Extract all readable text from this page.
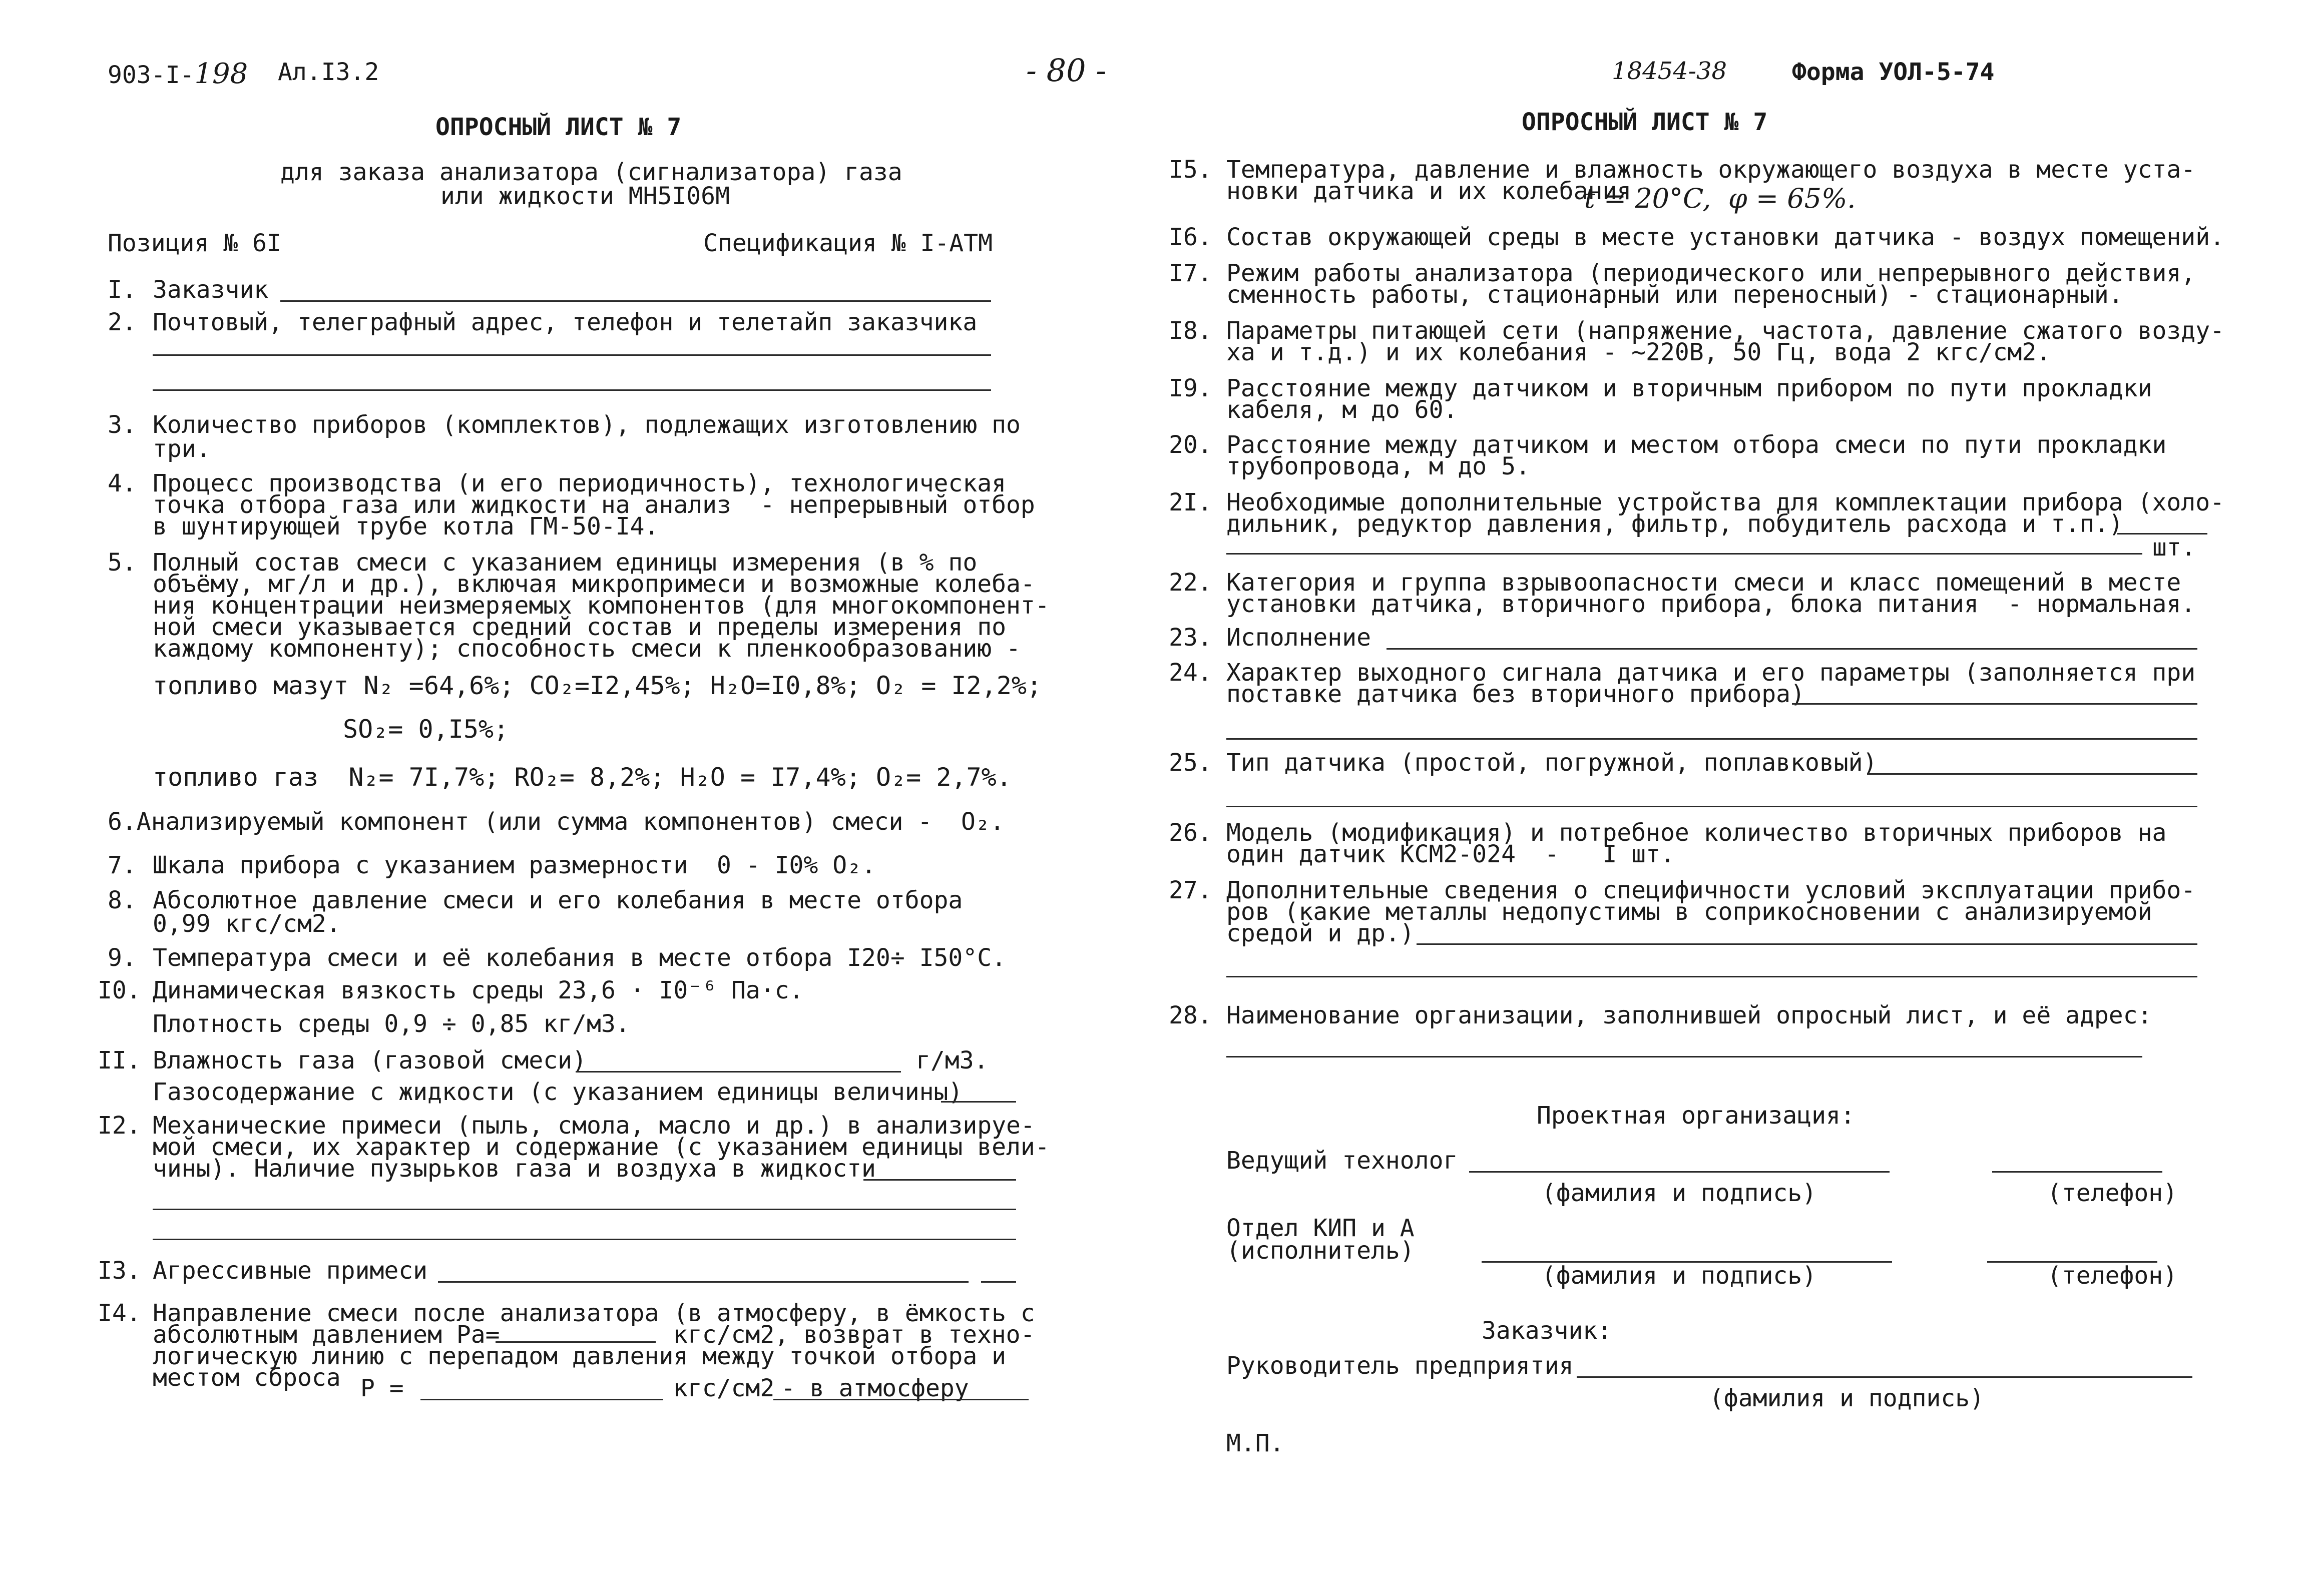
903-I-198 Ал.I3.2
ОПРОСНЫЙ ЛИСТ № 7
для заказа анализатора (сигнализатора) газа
или жидкости МН5I06М
Позиция № 6I	Спецификация № I-АТМ
I. Заказчик
2. Почтовый, телеграфный адрес, телефон и телетайп заказчика
3. Количество приборов (комплектов), подлежащих изготовлению по
три.
4. Процесс производства (и его периодичность), технологическая
точка отбора газа или жидкости на анализ  - непрерывный отбор
в шунтирующей трубе котла ГМ-50-I4.
5. Полный состав смеси с указанием единицы измерения (в % по
объёму, мг/л и др.), включая микропримеси и возможные колеба-
ния концентрации неизмеряемых компонентов (для многокомпонент-
ной смеси указывается средний состав и пределы измерения по
каждому компоненту); способность смеси к пленкообразованию -
топливо мазут N₂ =64,6%; CO₂=I2,45%; H₂O=I0,8%; O₂ = I2,2%;
SO₂= 0,I5%;
топливо газ  N₂= 7I,7%; RO₂= 8,2%; H₂O = I7,4%; O₂= 2,7%.
6.Анализируемый компонент (или сумма компонентов) смеси -  O₂.
7. Шкала прибора с указанием размерности  0 - I0% O₂.
8. Абсолютное давление смеси и его колебания в месте отбора
0,99 кгс/см2.
9. Температура смеси и её колебания в месте отбора I20÷ I50°С.
I0. Динамическая вязкость среды 23,6 · I0⁻⁶ Па·с.
Плотность среды 0,9 ÷ 0,85 кг/м3.
II. Влажность газа (газовой смеси)	г/м3.
Газосодержание с жидкости (с указанием единицы величины)
I2. Механические примеси (пыль, смола, масло и др.) в анализируе-
мой смеси, их характер и содержание (с указанием единицы вели-
чины). Наличие пузырьков газа и воздуха в жидкости
I3. Агрессивные примеси
I4. Направление смеси после анализатора (в атмосферу, в ёмкость с
абсолютным давлением Ра=	кгс/см2, возврат в техно-
логическую линию с перепадом давления между точкой отбора и
местом сброса P =	кгс/см2 - в атмосферу
- 80 -	18454-38	Форма УОЛ-5-74
ОПРОСНЫЙ ЛИСТ № 7
I5. Температура, давление и влажность окружающего воздуха в месте уста-
новки датчика и их колебания
t = 20°C,  φ = 65%.
I6. Состав окружающей среды в месте установки датчика - воздух помещений.
I7. Режим работы анализатора (периодического или непрерывного действия,
сменность работы, стационарный или переносный) - стационарный.
I8. Параметры питающей сети (напряжение, частота, давление сжатого возду-
ха и т.д.) и их колебания - ~220В, 50 Гц, вода 2 кгс/см2.
I9. Расстояние между датчиком и вторичным прибором по пути прокладки
кабеля, м до 60.
20. Расстояние между датчиком и местом отбора смеси по пути прокладки
трубопровода, м до 5.
2I. Необходимые дополнительные устройства для комплектации прибора (холо-
дильник, редуктор давления, фильтр, побудитель расхода и т.п.)
шт.
22. Категория и группа взрывоопасности смеси и класс помещений в месте
установки датчика, вторичного прибора, блока питания  - нормальная.
23. Исполнение
24. Характер выходного сигнала датчика и его параметры (заполняется при
поставке датчика без вторичного прибора)
25. Тип датчика (простой, погружной, поплавковый)
26. Модель (модификация) и потребное количество вторичных приборов на
один датчик КСМ2-024  -   I шт.
27. Дополнительные сведения о специфичности условий эксплуатации прибо-
ров (какие металлы недопустимы в соприкосновении с анализируемой
средой и др.)
28. Наименование организации, заполнившей опросный лист, и её адрес:
Проектная организация:
Ведущий технолог
(фамилия и подпись)	(телефон)
Отдел КИП и А
(исполнитель)
(фамилия и подпись)	(телефон)
Заказчик:
Руководитель предприятия
(фамилия и подпись)
М.П.
